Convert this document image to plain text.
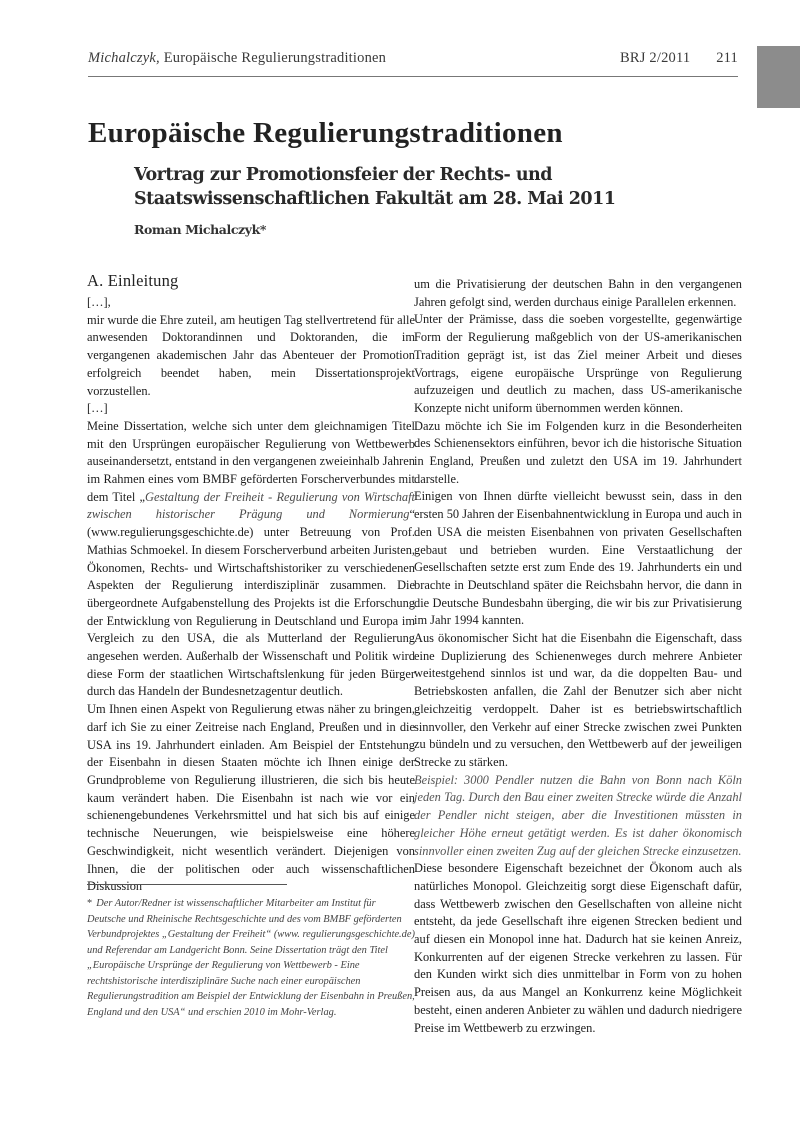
Michalczyk, Europäische Regulierungstraditionen	BRJ 2/2011 211
Europäische Regulierungstraditionen
Vortrag zur Promotionsfeier der Rechts- und Staatswissenschaftlichen Fakultät am 28. Mai 2011
Roman Michalczyk*
A. Einleitung

[…],

mir wurde die Ehre zuteil, am heutigen Tag stellvertretend für alle anwesenden Doktorandinnen und Doktoranden, die im vergangenen akademischen Jahr das Abenteuer der Promotion erfolgreich beendet haben, mein Dissertationsprojekt vorzustellen.

[…]

Meine Dissertation, welche sich unter dem gleichnamigen Titel mit den Ursprüngen europäischer Regulierung von Wettbewerb auseinandersetzt, entstand in den vergangenen zweieinhalb Jahren im Rahmen eines vom BMBF geförderten Forscherverbundes mit dem Titel „Gestaltung der Freiheit - Regulierung von Wirtschaft zwischen historischer Prägung und Normierung“ (www.regulierungsgeschichte.de) unter Betreuung von Prof. Mathias Schmoekel. In diesem Forscherverbund arbeiten Juristen, Ökonomen, Rechts- und Wirtschaftshistoriker zu verschiedenen Aspekten der Regulierung interdisziplinär zusammen. Die übergeordnete Aufgabenstellung des Projekts ist die Erforschung der Entwicklung von Regulierung in Deutschland und Europa im Vergleich zu den USA, die als Mutterland der Regulierung angesehen werden. Außerhalb der Wissenschaft und Politik wird diese Form der staatlichen Wirtschaftslenkung für jeden Bürger durch das Handeln der Bundesnetzagentur deutlich.

Um Ihnen einen Aspekt von Regulierung etwas näher zu bringen, darf ich Sie zu einer Zeitreise nach England, Preußen und in die USA ins 19. Jahrhundert einladen. Am Beispiel der Entstehung der Eisenbahn in diesen Staaten möchte ich Ihnen einige der Grundprobleme von Regulierung illustrieren, die sich bis heute kaum verändert haben. Die Eisenbahn ist nach wie vor ein schienengebundenes Verkehrsmittel und hat sich bis auf einige technische Neuerungen, wie beispielsweise eine höhere Geschwindigkeit, nicht wesentlich verändert. Diejenigen von Ihnen, die der politischen oder auch wissenschaftlichen Diskussion

* Der Autor/Redner ist wissenschaftlicher Mitarbeiter am Institut für Deutsche und Rheinische Rechtsgeschichte und des vom BMBF geförderten Verbundprojektes „Gestaltung der Freiheit“ (www. regulierungsgeschichte.de) und Referendar am Landgericht Bonn. Seine Dissertation trägt den Titel „Europäische Ursprünge der Regulierung von Wettbewerb - Eine rechtshistorische interdisziplinäre Suche nach einer europäischen Regulierungstradition am Beispiel der Entwicklung der Eisenbahn in Preußen, England und den USA“ und erschien 2010 im Mohr-Verlag.

um die Privatisierung der deutschen Bahn in den vergangenen Jahren gefolgt sind, werden durchaus einige Parallelen erkennen.

Unter der Prämisse, dass die soeben vorgestellte, gegenwärtige Form der Regulierung maßgeblich von der US-amerikanischen Tradition geprägt ist, ist das Ziel meiner Arbeit und dieses Vortrags, eigene europäische Ursprünge von Regulierung aufzuzeigen und deutlich zu machen, dass US-amerikanische Konzepte nicht uniform übernommen werden können.

Dazu möchte ich Sie im Folgenden kurz in die Besonderheiten des Schienensektors einführen, bevor ich die historische Situation in England, Preußen und zuletzt den USA im 19. Jahrhundert darstelle.

Einigen von Ihnen dürfte vielleicht bewusst sein, dass in den ersten 50 Jahren der Eisenbahnentwicklung in Europa und auch in den USA die meisten Eisenbahnen von privaten Gesellschaften gebaut und betrieben wurden. Eine Verstaatlichung der Gesellschaften setzte erst zum Ende des 19. Jahrhunderts ein und brachte in Deutschland später die Reichsbahn hervor, die dann in die Deutsche Bundesbahn überging, die wir bis zur Privatisierung im Jahr 1994 kannten.

Aus ökonomischer Sicht hat die Eisenbahn die Eigenschaft, dass eine Duplizierung des Schienenweges durch mehrere Anbieter weitestgehend sinnlos ist und war, da die doppelten Bau- und Betriebskosten anfallen, die Zahl der Benutzer sich aber nicht gleichzeitig verdoppelt. Daher ist es betriebswirtschaftlich sinnvoller, den Verkehr auf einer Strecke zwischen zwei Punkten zu bündeln und zu versuchen, den Wettbewerb auf der jeweiligen Strecke zu stärken.

Beispiel: 3000 Pendler nutzen die Bahn von Bonn nach Köln jeden Tag. Durch den Bau einer zweiten Strecke würde die Anzahl der Pendler nicht steigen, aber die Investitionen müssten in gleicher Höhe erneut getätigt werden. Es ist daher ökonomisch sinnvoller einen zweiten Zug auf der gleichen Strecke einzusetzen.

Diese besondere Eigenschaft bezeichnet der Ökonom auch als natürliches Monopol. Gleichzeitig sorgt diese Eigenschaft dafür, dass Wettbewerb zwischen den Gesellschaften von alleine nicht entsteht, da jede Gesellschaft ihre eigenen Strecken bedient und auf diesen ein Monopol inne hat. Dadurch hat sie keinen Anreiz, Konkurrenten auf der eigenen Strecke verkehren zu lassen. Für den Kunden wirkt sich dies unmittelbar in Form von zu hohen Preisen aus, da aus Mangel an Konkurrenz keine Möglichkeit besteht, einen anderen Anbieter zu wählen und dadurch niedrigere Preise im Wettbewerb zu erzwingen.
